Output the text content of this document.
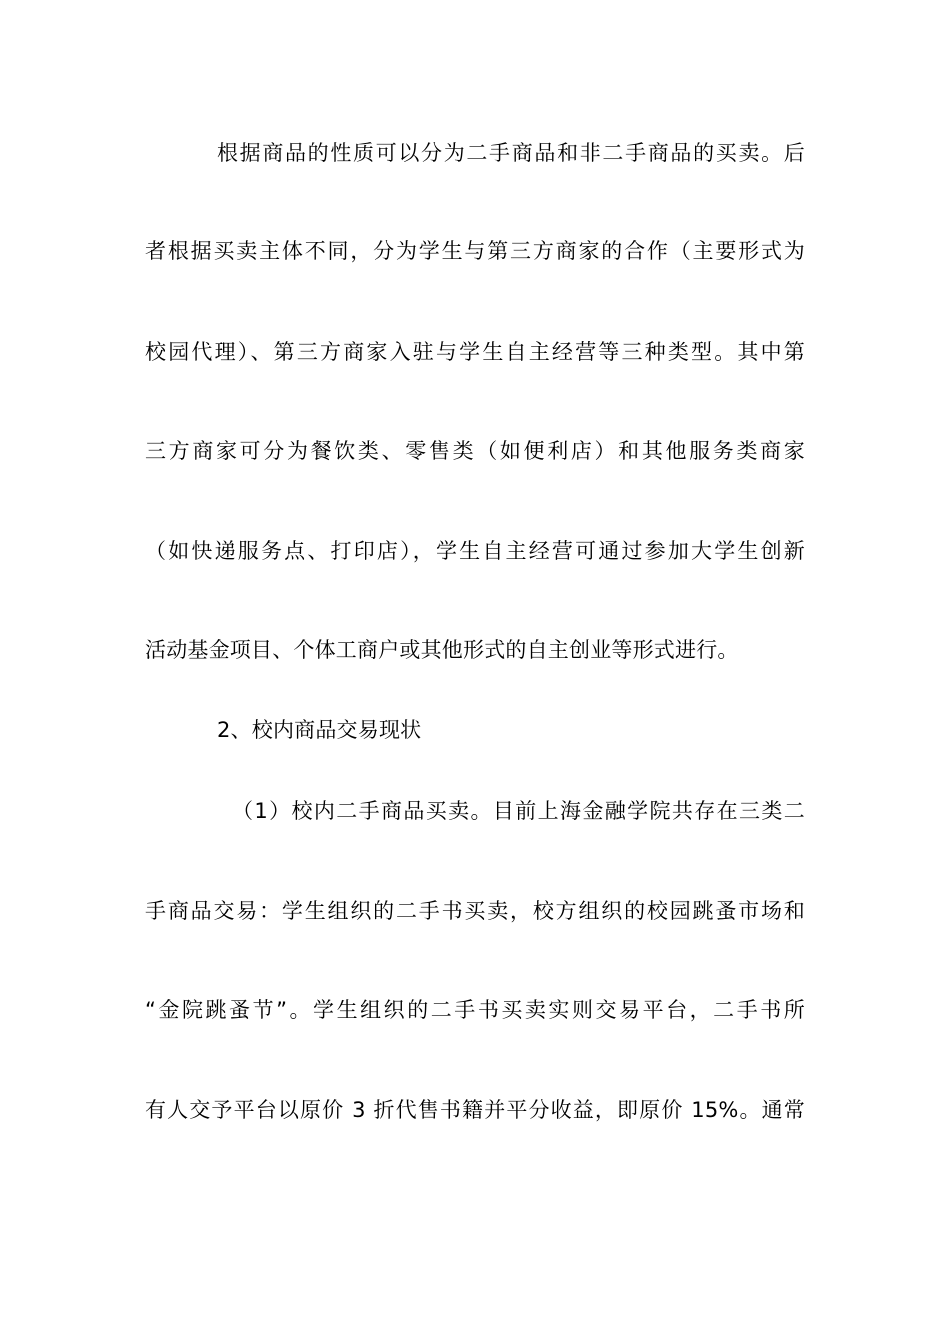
根据商品的性质可以分为二手商品和非二手商品的买卖。后
者根据买卖主体不同，分为学生与第三方商家的合作（主要形式为
校园代理）、第三方商家入驻与学生自主经营等三种类型。其中第
三方商家可分为餐饮类、零售类（如便利店）和其他服务类商家
（如快递服务点、打印店），学生自主经营可通过参加大学生创新
活动基金项目、个体工商户或其他形式的自主创业等形式进行。
2、校内商品交易现状
（1）校内二手商品买卖。目前上海金融学院共存在三类二
手商品交易：学生组织的二手书买卖，校方组织的校园跳蚤市场和
“金院跳蚤节”。学生组织的二手书买卖实则交易平台，二手书所
有人交予平台以原价 3 折代售书籍并平分收益，即原价 15%。通常
